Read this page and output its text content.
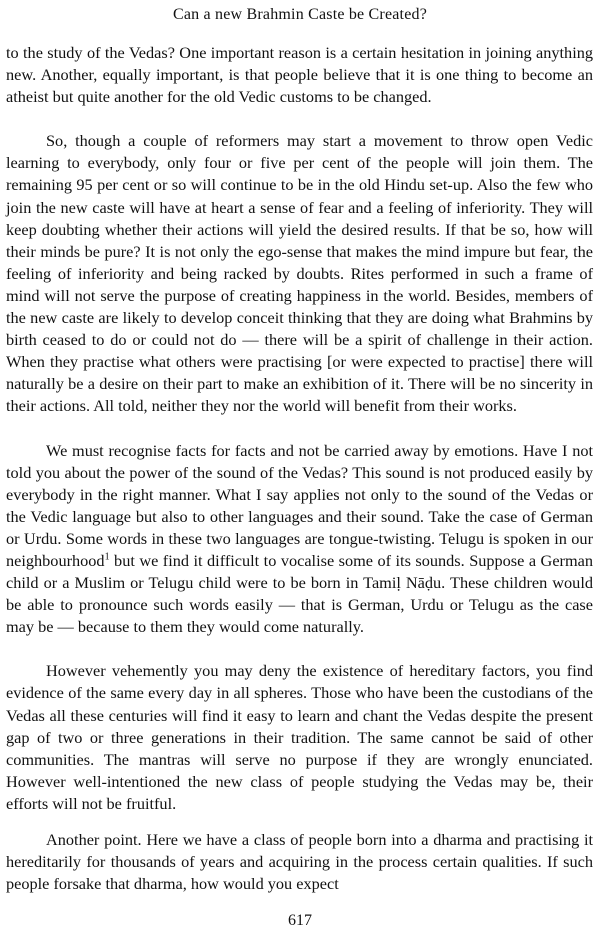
Can a new Brahmin Caste be Created?

to the study of the Vedas? One important reason is a certain hesitation in joining anything new. Another, equally important, is that people believe that it is one thing to become an atheist but quite another for the old Vedic customs to be changed.

So, though a couple of reformers may start a movement to throw open Vedic learning to everybody, only four or five per cent of the people will join them. The remaining 95 per cent or so will continue to be in the old Hindu set-up. Also the few who join the new caste will have at heart a sense of fear and a feeling of inferiority. They will keep doubting whether their actions will yield the desired results. If that be so, how will their minds be pure? It is not only the ego-sense that makes the mind impure but fear, the feeling of inferiority and being racked by doubts. Rites performed in such a frame of mind will not serve the purpose of creating happiness in the world. Besides, members of the new caste are likely to develop conceit thinking that they are doing what Brahmins by birth ceased to do or could not do — there will be a spirit of challenge in their action. When they practise what others were practising [or were expected to practise] there will naturally be a desire on their part to make an exhibition of it. There will be no sincerity in their actions. All told, neither they nor the world will benefit from their works.

We must recognise facts for facts and not be carried away by emotions. Have I not told you about the power of the sound of the Vedas? This sound is not produced easily by everybody in the right manner. What I say applies not only to the sound of the Vedas or the Vedic language but also to other languages and their sound. Take the case of German or Urdu. Some words in these two languages are tongue-twisting. Telugu is spoken in our neighbourhood$^1$ but we find it difficult to vocalise some of its sounds. Suppose a German child or a Muslim or Telugu child were to be born in Tamiḷ Nāḍu. These children would be able to pronounce such words easily — that is German, Urdu or Telugu as the case may be — because to them they would come naturally.

However vehemently you may deny the existence of hereditary factors, you find evidence of the same every day in all spheres. Those who have been the custodians of the Vedas all these centuries will find it easy to learn and chant the Vedas despite the present gap of two or three generations in their tradition. The same cannot be said of other communities. The mantras will serve no purpose if they are wrongly enunciated. However well-intentioned the new class of people studying the Vedas may be, their efforts will not be fruitful.

Another point. Here we have a class of people born into a dharma and practising it hereditarily for thousands of years and acquiring in the process certain qualities. If such people forsake that dharma, how would you expect

617
